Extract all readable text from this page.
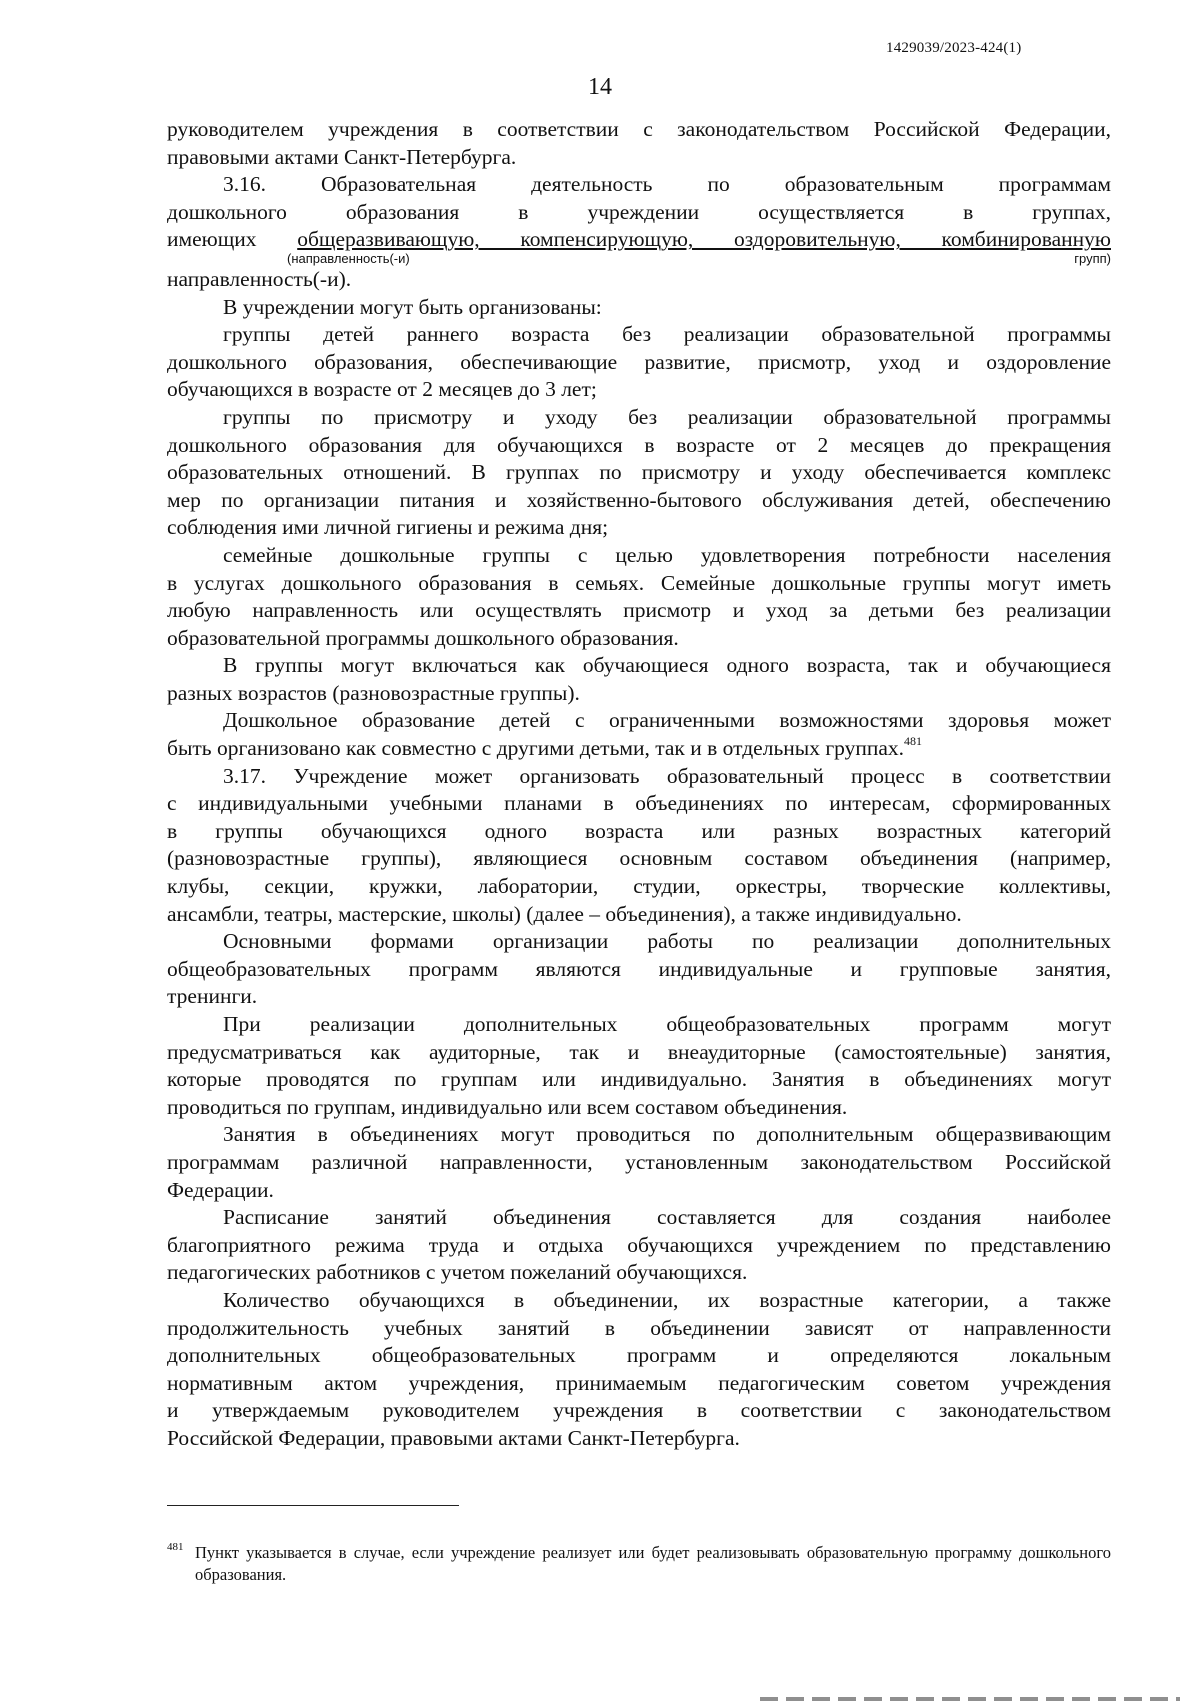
1429039/2023-424(1)
14

руководителем учреждения в соответствии с законодательством Российской Федерации,
правовыми актами Санкт-Петербурга.

3.16. Образовательная деятельность по образовательным программам
дошкольного образования в учреждении осуществляется в группах,
имеющих общеразвивающую, компенсирующую, оздоровительную, комбинированную
(направленность(-и) групп)
направленность(-и).

В учреждении могут быть организованы:

группы детей раннего возраста без реализации образовательной программы
дошкольного образования, обеспечивающие развитие, присмотр, уход и оздоровление
обучающихся в возрасте от 2 месяцев до 3 лет;

группы по присмотру и уходу без реализации образовательной программы
дошкольного образования для обучающихся в возрасте от 2 месяцев до прекращения
образовательных отношений. В группах по присмотру и уходу обеспечивается комплекс
мер по организации питания и хозяйственно-бытового обслуживания детей, обеспечению
соблюдения ими личной гигиены и режима дня;

семейные дошкольные группы с целью удовлетворения потребности населения
в услугах дошкольного образования в семьях. Семейные дошкольные группы могут иметь
любую направленность или осуществлять присмотр и уход за детьми без реализации
образовательной программы дошкольного образования.

В группы могут включаться как обучающиеся одного возраста, так и обучающиеся
разных возрастов (разновозрастные группы).

Дошкольное образование детей с ограниченными возможностями здоровья может
быть организовано как совместно с другими детьми, так и в отдельных группах.$^{481}$

3.17. Учреждение может организовать образовательный процесс в соответствии
с индивидуальными учебными планами в объединениях по интересам, сформированных
в группы обучающихся одного возраста или разных возрастных категорий
(разновозрастные группы), являющиеся основным составом объединения (например,
клубы, секции, кружки, лаборатории, студии, оркестры, творческие коллективы,
ансамбли, театры, мастерские, школы) (далее – объединения), а также индивидуально.

Основными формами организации работы по реализации дополнительных
общеобразовательных программ являются индивидуальные и групповые занятия,
тренинги.

При реализации дополнительных общеобразовательных программ могут
предусматриваться как аудиторные, так и внеаудиторные (самостоятельные) занятия,
которые проводятся по группам или индивидуально. Занятия в объединениях могут
проводиться по группам, индивидуально или всем составом объединения.

Занятия в объединениях могут проводиться по дополнительным общеразвивающим
программам различной направленности, установленным законодательством Российской
Федерации.

Расписание занятий объединения составляется для создания наиболее
благоприятного режима труда и отдыха обучающихся учреждением по представлению
педагогических работников с учетом пожеланий обучающихся.

Количество обучающихся в объединении, их возрастные категории, а также
продолжительность учебных занятий в объединении зависят от направленности
дополнительных общеобразовательных программ и определяются локальным
нормативным актом учреждения, принимаемым педагогическим советом учреждения
и утверждаемым руководителем учреждения в соответствии с законодательством
Российской Федерации, правовыми актами Санкт-Петербурга.

481 Пункт указывается в случае, если учреждение реализует или будет реализовывать образовательную программу дошкольного образования.
